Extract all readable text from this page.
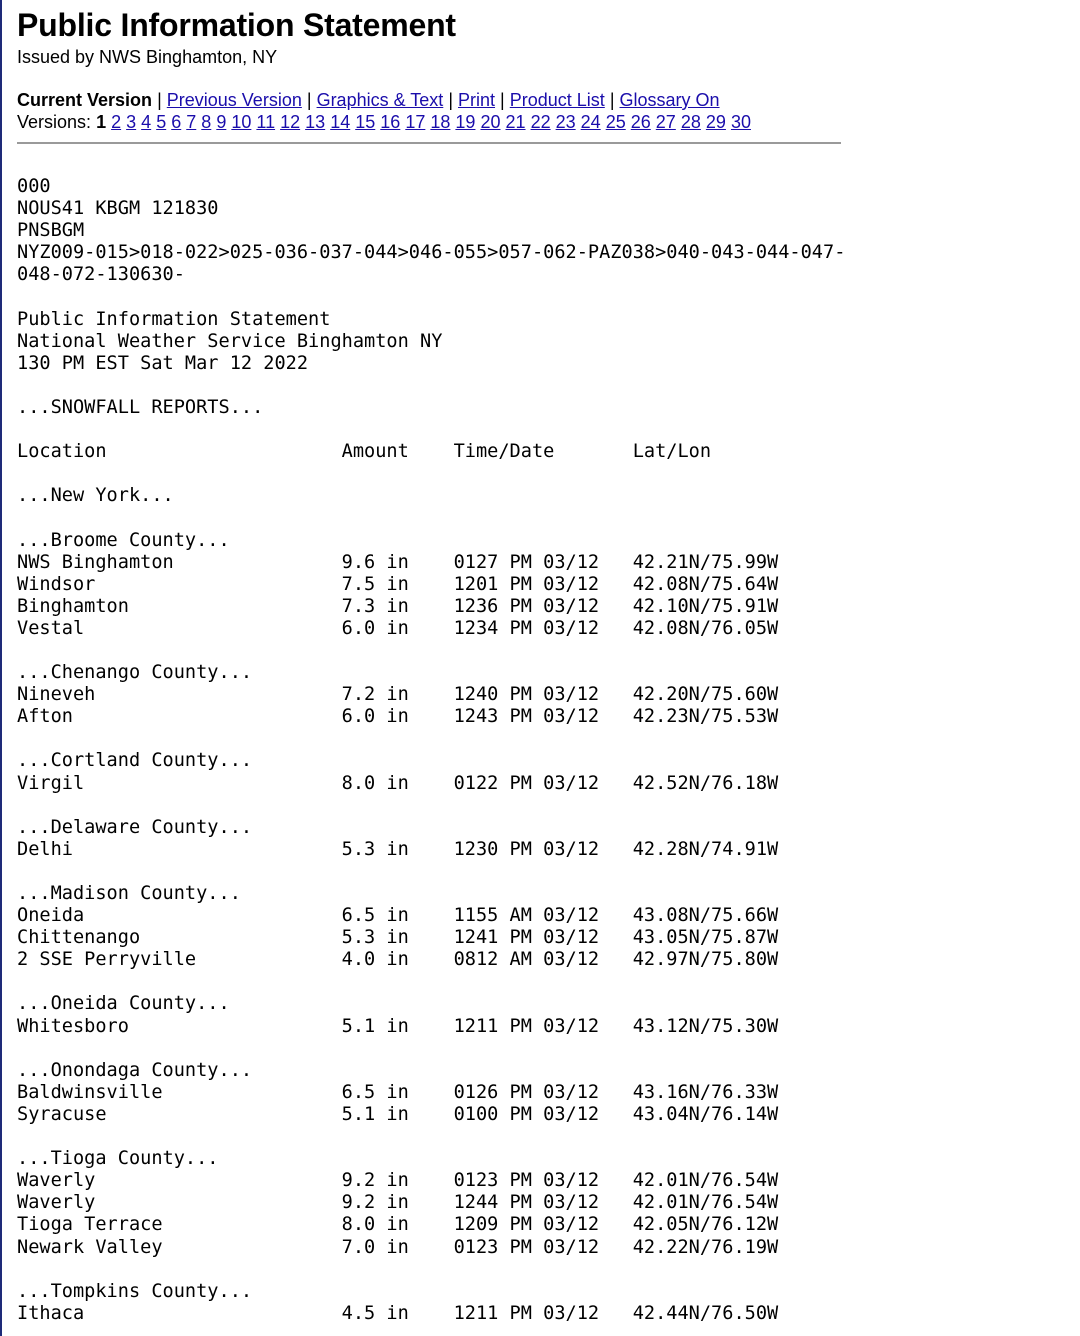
Public Information Statement
Issued by NWS Binghamton, NY
Current Version | Previous Version | Graphics & Text | Print | Product List | Glossary On
Versions: 1 2 3 4 5 6 7 8 9 10 11 12 13 14 15 16 17 18 19 20 21 22 23 24 25 26 27 28 29 30
000
NOUS41 KBGM 121830
PNSBGM
NYZ009-015>018-022>025-036-037-044>046-055>057-062-PAZ038>040-043-044-047-
048-072-130630-

Public Information Statement
National Weather Service Binghamton NY
130 PM EST Sat Mar 12 2022

...SNOWFALL REPORTS...

Location                     Amount    Time/Date       Lat/Lon

...New York...

...Broome County...
NWS Binghamton               9.6 in    0127 PM 03/12   42.21N/75.99W
Windsor                      7.5 in    1201 PM 03/12   42.08N/75.64W
Binghamton                   7.3 in    1236 PM 03/12   42.10N/75.91W
Vestal                       6.0 in    1234 PM 03/12   42.08N/76.05W

...Chenango County...
Nineveh                      7.2 in    1240 PM 03/12   42.20N/75.60W
Afton                        6.0 in    1243 PM 03/12   42.23N/75.53W

...Cortland County...
Virgil                       8.0 in    0122 PM 03/12   42.52N/76.18W

...Delaware County...
Delhi                        5.3 in    1230 PM 03/12   42.28N/74.91W

...Madison County...
Oneida                       6.5 in    1155 AM 03/12   43.08N/75.66W
Chittenango                  5.3 in    1241 PM 03/12   43.05N/75.87W
2 SSE Perryville             4.0 in    0812 AM 03/12   42.97N/75.80W

...Oneida County...
Whitesboro                   5.1 in    1211 PM 03/12   43.12N/75.30W

...Onondaga County...
Baldwinsville                6.5 in    0126 PM 03/12   43.16N/76.33W
Syracuse                     5.1 in    0100 PM 03/12   43.04N/76.14W

...Tioga County...
Waverly                      9.2 in    0123 PM 03/12   42.01N/76.54W
Waverly                      9.2 in    1244 PM 03/12   42.01N/76.54W
Tioga Terrace                8.0 in    1209 PM 03/12   42.05N/76.12W
Newark Valley                7.0 in    0123 PM 03/12   42.22N/76.19W

...Tompkins County...
Ithaca                       4.5 in    1211 PM 03/12   42.44N/76.50W
